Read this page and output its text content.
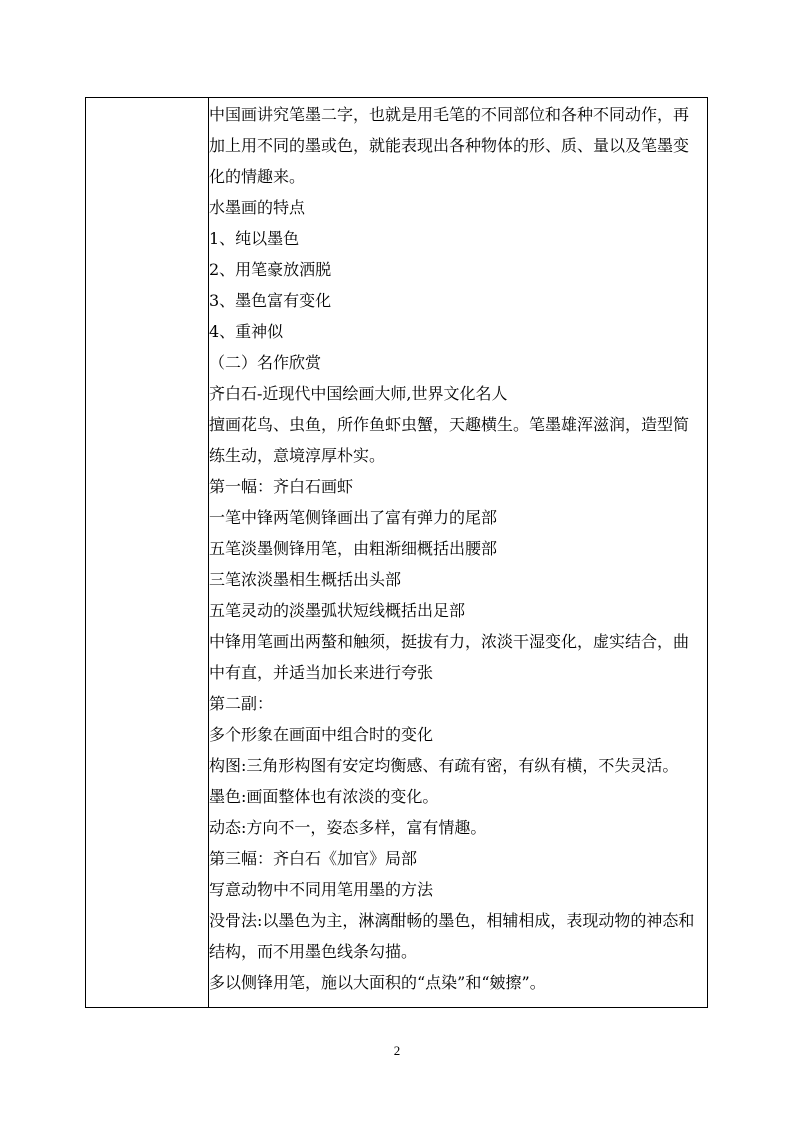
中国画讲究笔墨二字，也就是用毛笔的不同部位和各种不同动作，再
加上用不同的墨或色，就能表现出各种物体的形、质、量以及笔墨变
化的情趣来。
水墨画的特点
1、纯以墨色
2、用笔豪放洒脱
3、墨色富有变化
4、重神似
（二）名作欣赏
齐白石-近现代中国绘画大师,世界文化名人
擅画花鸟、虫鱼，所作鱼虾虫蟹，天趣横生。笔墨雄浑滋润，造型简
练生动，意境淳厚朴实。
第一幅：齐白石画虾
一笔中锋两笔侧锋画出了富有弹力的尾部
五笔淡墨侧锋用笔，由粗渐细概括出腰部
三笔浓淡墨相生概括出头部
五笔灵动的淡墨弧状短线概括出足部
中锋用笔画出两螯和触须，挺拔有力，浓淡干湿变化，虚实结合，曲
中有直，并适当加长来进行夸张
第二副：
多个形象在画面中组合时的变化
构图:三角形构图有安定均衡感、有疏有密，有纵有横，不失灵活。
墨色:画面整体也有浓淡的变化。
动态:方向不一，姿态多样，富有情趣。
第三幅：齐白石《加官》局部
写意动物中不同用笔用墨的方法
没骨法:以墨色为主，淋漓酣畅的墨色，相辅相成，表现动物的神态和
结构，而不用墨色线条勾描。
多以侧锋用笔，施以大面积的“点染”和“皴擦”。
2
